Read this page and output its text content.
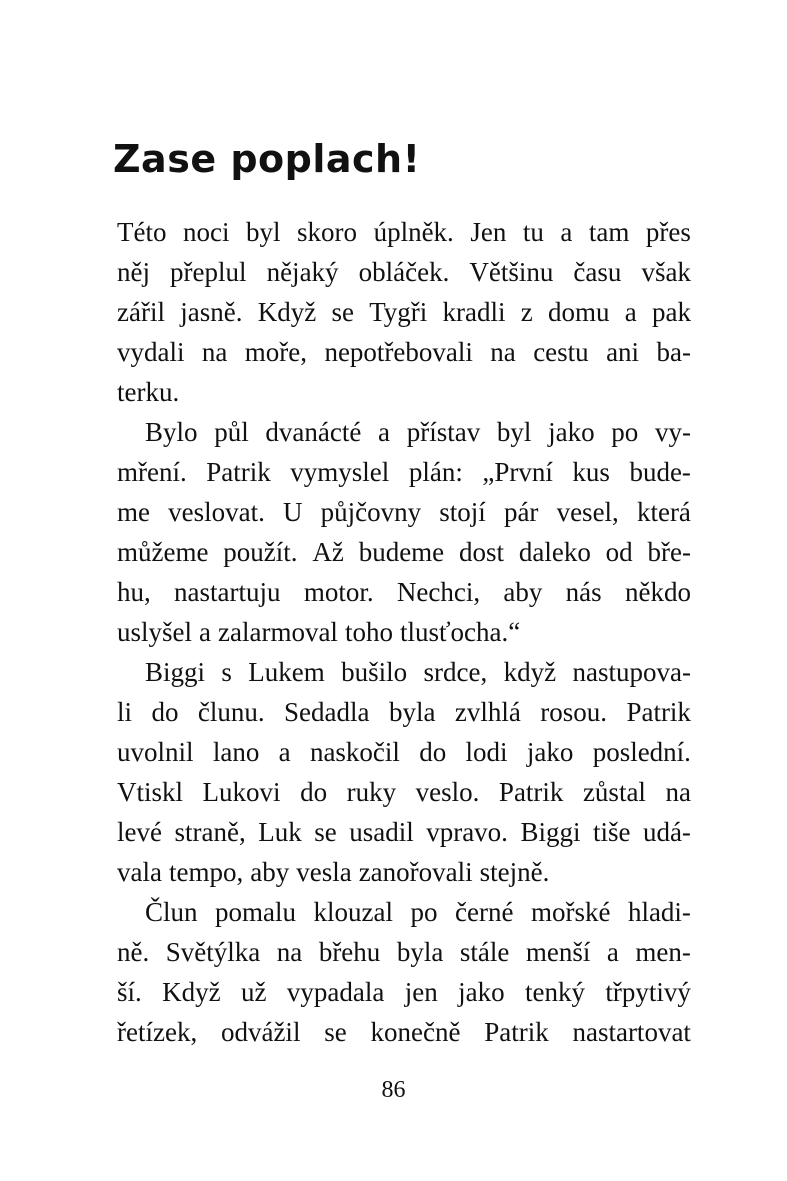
Zase poplach!
Této noci byl skoro úplněk. Jen tu a tam přes
něj přeplul nějaký obláček. Většinu času však
zářil jasně. Když se Tygři kradli z domu a pak
vydali na moře, nepotřebovali na cestu ani ba-
terku.
Bylo půl dvanácté a přístav byl jako po vy-
mření. Patrik vymyslel plán: „První kus bude-
me veslovat. U půjčovny stojí pár vesel, která
můžeme použít. Až budeme dost daleko od bře-
hu, nastartuju motor. Nechci, aby nás někdo
uslyšel a zalarmoval toho tlusťocha.“
Biggi s Lukem bušilo srdce, když nastupova-
li do člunu. Sedadla byla zvlhlá rosou. Patrik
uvolnil lano a naskočil do lodi jako poslední.
Vtiskl Lukovi do ruky veslo. Patrik zůstal na
levé straně, Luk se usadil vpravo. Biggi tiše udá-
vala tempo, aby vesla zanořovali stejně.
Člun pomalu klouzal po černé mořské hladi-
ně. Světýlka na břehu byla stále menší a men-
ší. Když už vypadala jen jako tenký třpytivý
řetízek, odvážil se konečně Patrik nastartovat
86
